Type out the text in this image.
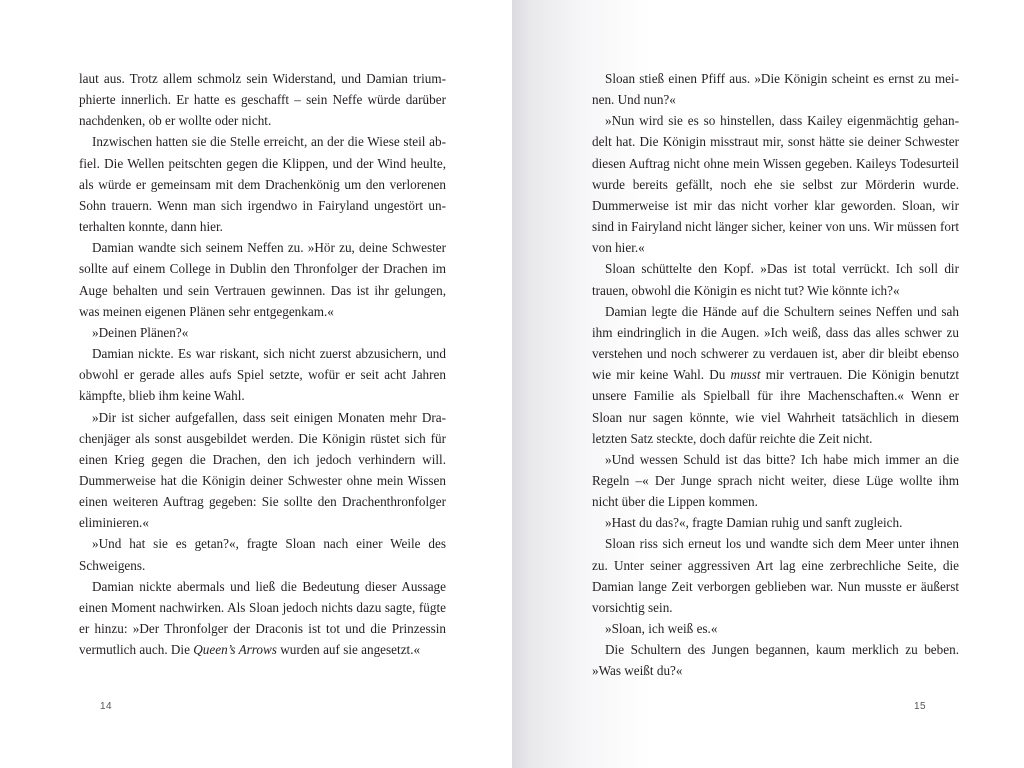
laut aus. Trotz allem schmolz sein Widerstand, und Damian triumphierte innerlich. Er hatte es geschafft – sein Neffe würde darüber nachdenken, ob er wollte oder nicht.

Inzwischen hatten sie die Stelle erreicht, an der die Wiese steil abfiel. Die Wellen peitschten gegen die Klippen, und der Wind heulte, als würde er gemeinsam mit dem Drachenkönig um den verlorenen Sohn trauern. Wenn man sich irgendwo in Fairyland ungestört unterhalten konnte, dann hier.

Damian wandte sich seinem Neffen zu. »Hör zu, deine Schwester sollte auf einem College in Dublin den Thronfolger der Drachen im Auge behalten und sein Vertrauen gewinnen. Das ist ihr gelungen, was meinen eigenen Plänen sehr entgegenkam.«

»Deinen Plänen?«

Damian nickte. Es war riskant, sich nicht zuerst abzusichern, und obwohl er gerade alles aufs Spiel setzte, wofür er seit acht Jahren kämpfte, blieb ihm keine Wahl.

»Dir ist sicher aufgefallen, dass seit einigen Monaten mehr Drachenjäger als sonst ausgebildet werden. Die Königin rüstet sich für einen Krieg gegen die Drachen, den ich jedoch verhindern will. Dummerweise hat die Königin deiner Schwester ohne mein Wissen einen weiteren Auftrag gegeben: Sie sollte den Drachenthronfolger eliminieren.«

»Und hat sie es getan?«, fragte Sloan nach einer Weile des Schweigens.

Damian nickte abermals und ließ die Bedeutung dieser Aussage einen Moment nachwirken. Als Sloan jedoch nichts dazu sagte, fügte er hinzu: »Der Thronfolger der Draconis ist tot und die Prinzessin vermutlich auch. Die Queen’s Arrows wurden auf sie angesetzt.«

14

Sloan stieß einen Pfiff aus. »Die Königin scheint es ernst zu meinen. Und nun?«

»Nun wird sie es so hinstellen, dass Kailey eigenmächtig gehandelt hat. Die Königin misstraut mir, sonst hätte sie deiner Schwester diesen Auftrag nicht ohne mein Wissen gegeben. Kaileys Todesurteil wurde bereits gefällt, noch ehe sie selbst zur Mörderin wurde. Dummerweise ist mir das nicht vorher klar geworden. Sloan, wir sind in Fairyland nicht länger sicher, keiner von uns. Wir müssen fort von hier.«

Sloan schüttelte den Kopf. »Das ist total verrückt. Ich soll dir trauen, obwohl die Königin es nicht tut? Wie könnte ich?«

Damian legte die Hände auf die Schultern seines Neffen und sah ihm eindringlich in die Augen. »Ich weiß, dass das alles schwer zu verstehen und noch schwerer zu verdauen ist, aber dir bleibt ebenso wie mir keine Wahl. Du musst mir vertrauen. Die Königin benutzt unsere Familie als Spielball für ihre Machenschaften.« Wenn er Sloan nur sagen könnte, wie viel Wahrheit tatsächlich in diesem letzten Satz steckte, doch dafür reichte die Zeit nicht.

»Und wessen Schuld ist das bitte? Ich habe mich immer an die Regeln –« Der Junge sprach nicht weiter, diese Lüge wollte ihm nicht über die Lippen kommen.

»Hast du das?«, fragte Damian ruhig und sanft zugleich.

Sloan riss sich erneut los und wandte sich dem Meer unter ihnen zu. Unter seiner aggressiven Art lag eine zerbrechliche Seite, die Damian lange Zeit verborgen geblieben war. Nun musste er äußerst vorsichtig sein.

»Sloan, ich weiß es.«

Die Schultern des Jungen begannen, kaum merklich zu beben. »Was weißt du?«

15
